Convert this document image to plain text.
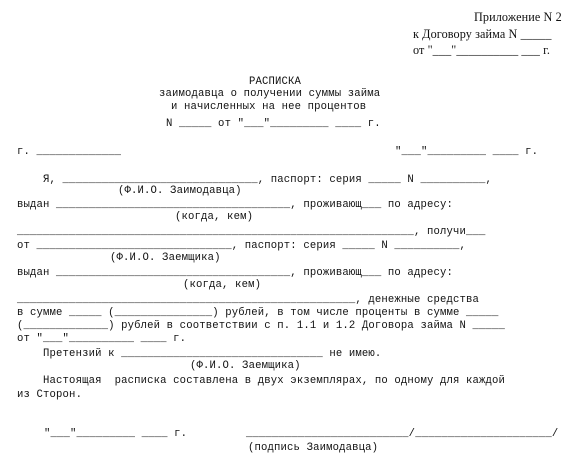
Приложение N 2
к Договору займа N _____
от "___"__________ ___ г.
РАСПИСКА
заимодавца о получении суммы займа
и начисленных на нее процентов
N _____ от "___"_________ ____ г.
г. _____________	"___"_________ ____ г.
Я, ______________________________, паспорт: серия _____ N __________,
(Ф.И.О. Заимодавца)
выдан ____________________________________, проживающ___ по адресу:
(когда, кем)
_____________________________________________________________, получи___
от ______________________________, паспорт: серия _____ N __________,
(Ф.И.О. Заемщика)
выдан ____________________________________, проживающ___ по адресу:
(когда, кем)
____________________________________________________, денежные средства
в сумме _____ (_______________) рублей, в том числе проценты в сумме _____
(_____________) рублей в соответствии с п. 1.1 и 1.2 Договора займа N _____
от "___"__________ ____ г.
Претензий к _______________________________ не имею.
(Ф.И.О. Заемщика)
Настоящая  расписка составлена в двух экземплярах, по одному для каждой
из Сторон.
"___"_________ ____ г.	_________________________/_____________________/
(подпись Заимодавца)
